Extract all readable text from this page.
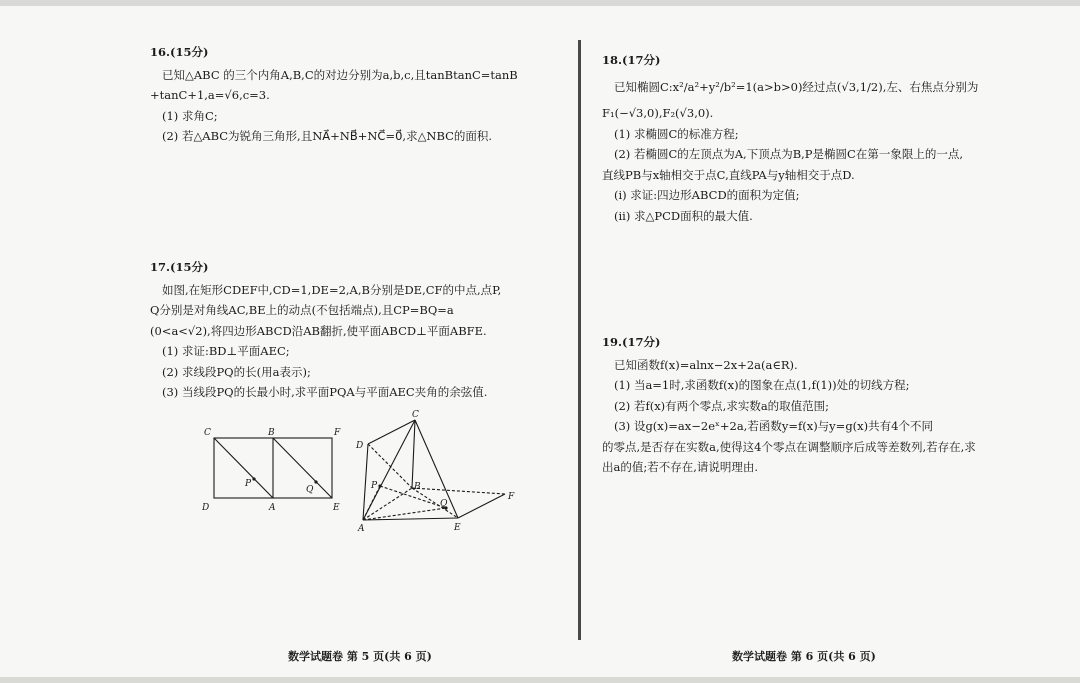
16.(15分)
已知△ABC 的三个内角A,B,C的对边分别为a,b,c,且tanBtanC=tanB
+tanC+1,a=√6,c=3.
(1) 求角C;
(2) 若△ABC为锐角三角形,且NA⃗+NB⃗+NC⃗=0⃗,求△NBC的面积.
17.(15分)
如图,在矩形CDEF中,CD=1,DE=2,A,B分别是DE,CF的中点,点P,
Q分别是对角线AC,BE上的动点(不包括端点),且CP=BQ=a
(0<a<√2),将四边形ABCD沿AB翻折,使平面ABCD⊥平面ABFE.
(1) 求证:BD⊥平面AEC;
(2) 求线段PQ的长(用a表示);
(3) 当线段PQ的长最小时,求平面PQA与平面AEC夹角的余弦值.
C	B	F
D	A	E
P
Q
C
D
P	B
F
Q
A	E
数学试题卷 第 5 页(共 6 页)
18.(17分)
已知椭圆C:x²/a²+y²/b²=1(a>b>0)经过点(√3,1/2),左、右焦点分别为
F₁(−√3,0),F₂(√3,0).
(1) 求椭圆C的标准方程;
(2) 若椭圆C的左顶点为A,下顶点为B,P是椭圆C在第一象限上的一点,
直线PB与x轴相交于点C,直线PA与y轴相交于点D.
(i) 求证:四边形ABCD的面积为定值;
(ii) 求△PCD面积的最大值.
19.(17分)
已知函数f(x)=alnx−2x+2a(a∈R).
(1) 当a=1时,求函数f(x)的图象在点(1,f(1))处的切线方程;
(2) 若f(x)有两个零点,求实数a的取值范围;
(3) 设g(x)=ax−2eˣ+2a,若函数y=f(x)与y=g(x)共有4个不同
的零点,是否存在实数a,使得这4个零点在调整顺序后成等差数列,若存在,求
出a的值;若不存在,请说明理由.
数学试题卷 第 6 页(共 6 页)
